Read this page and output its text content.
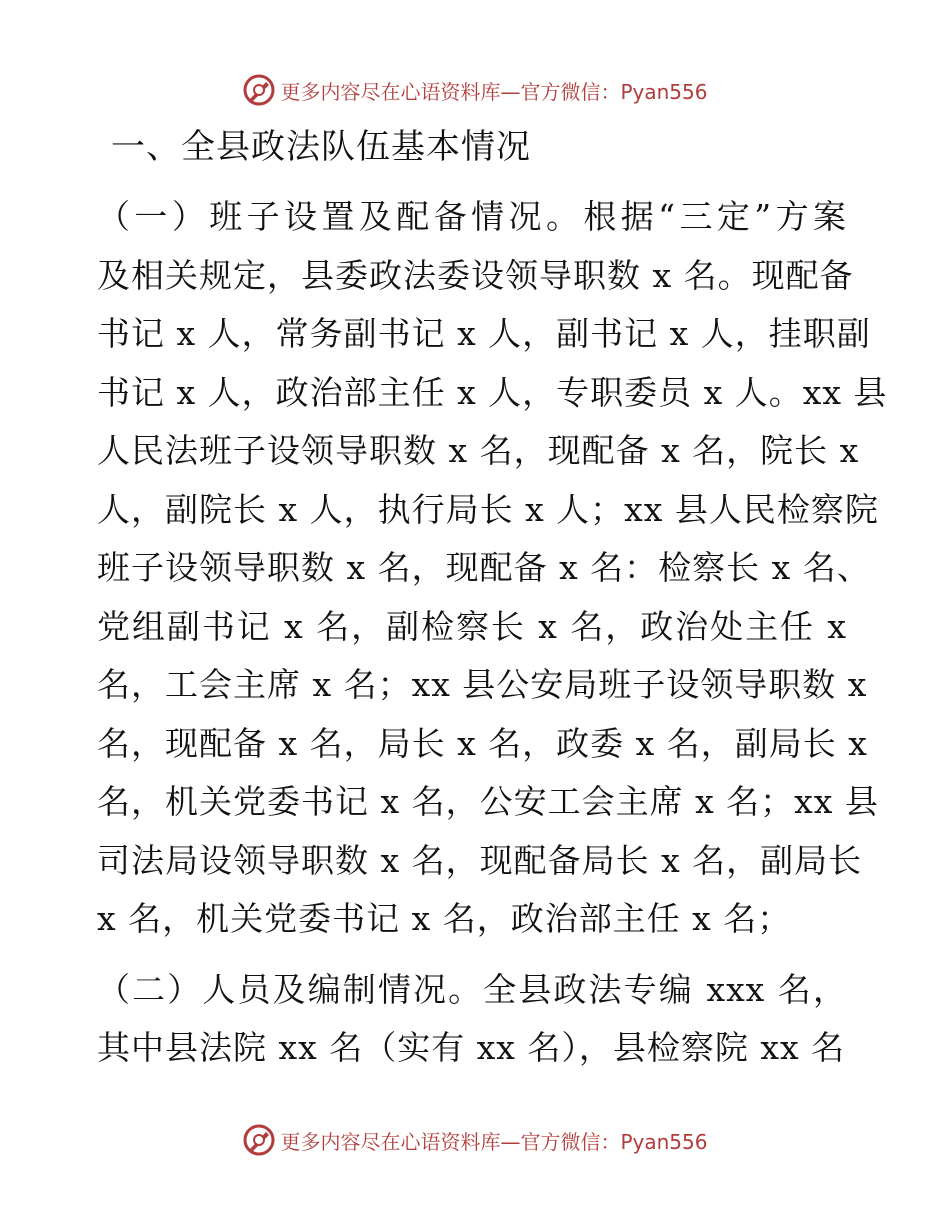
更多内容尽在心语资料库—官方微信：Pyan556
一、全县政法队伍基本情况
（一）班子设置及配备情况。根据“三定”方案
及相关规定，县委政法委设领导职数 x 名。现配备
书记 x 人，常务副书记 x 人，副书记 x 人，挂职副
书记 x 人，政治部主任 x 人，专职委员 x 人。xx 县
人民法班子设领导职数 x 名，现配备 x 名，院长 x
人，副院长 x 人，执行局长 x 人；xx 县人民检察院
班子设领导职数 x 名，现配备 x 名：检察长 x 名、
党组副书记 x 名，副检察长 x 名，政治处主任 x
名，工会主席 x 名；xx 县公安局班子设领导职数 x
名，现配备 x 名，局长 x 名，政委 x 名，副局长 x
名，机关党委书记 x 名，公安工会主席 x 名；xx 县
司法局设领导职数 x 名，现配备局长 x 名，副局长
x 名，机关党委书记 x 名，政治部主任 x 名；
（二）人员及编制情况。全县政法专编 xxx 名，
其中县法院 xx 名（实有 xx 名），县检察院 xx 名
更多内容尽在心语资料库—官方微信：Pyan556
